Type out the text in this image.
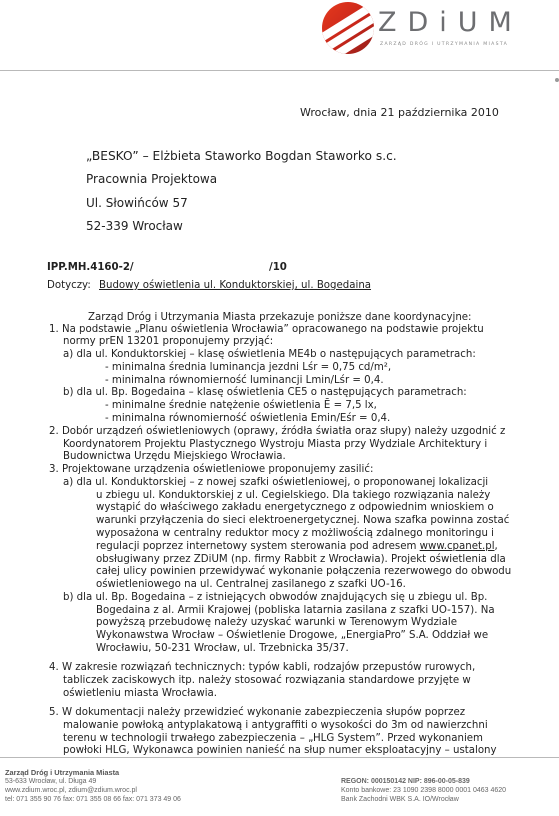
ZDiUM
ZARZĄD DRÓG I UTRZYMANIA MIASTA
Wrocław, dnia 21 października 2010
„BESKO” – Elżbieta Staworko Bogdan Staworko s.c.
Pracownia Projektowa
Ul. Słowińców 57
52-339 Wrocław
IPP.MH.4160-2/	/10
Dotyczy: Budowy oświetlenia ul. Konduktorskiej, ul. Bogedaina
Zarząd Dróg i Utrzymania Miasta przekazuje poniższe dane koordynacyjne:
1. Na podstawie „Planu oświetlenia Wrocławia” opracowanego na podstawie projektu
normy prEN 13201 proponujemy przyjąć:
a) dla ul. Konduktorskiej – klasę oświetlenia ME4b o następujących parametrach:
- minimalna średnia luminancja jezdni Lśr = 0,75 cd/m²,
- minimalna równomierność luminancji Lmin/Lśr = 0,4.
b) dla ul. Bp. Bogedaina – klasę oświetlenia CE5 o następujących parametrach:
- minimalne średnie natężenie oświetlenia Ē = 7,5 lx,
- minimalna równomierność oświetlenia Emin/Eśr = 0,4.
2. Dobór urządzeń oświetleniowych (oprawy, źródła światła oraz słupy) należy uzgodnić z
Koordynatorem Projektu Plastycznego Wystroju Miasta przy Wydziale Architektury i
Budownictwa Urzędu Miejskiego Wrocławia.
3. Projektowane urządzenia oświetleniowe proponujemy zasilić:
a) dla ul. Konduktorskiej – z nowej szafki oświetleniowej, o proponowanej lokalizacji
u zbiegu ul. Konduktorskiej z ul. Cegielskiego. Dla takiego rozwiązania należy
wystąpić do właściwego zakładu energetycznego z odpowiednim wnioskiem o
warunki przyłączenia do sieci elektroenergetycznej. Nowa szafka powinna zostać
wyposażona w centralny reduktor mocy z możliwością zdalnego monitoringu i
regulacji poprzez internetowy system sterowania pod adresem www.cpanet.pl,
obsługiwany przez ZDiUM (np. firmy Rabbit z Wrocławia). Projekt oświetlenia dla
całej ulicy powinien przewidywać wykonanie połączenia rezerwowego do obwodu
oświetleniowego na ul. Centralnej zasilanego z szafki UO-16.
b) dla ul. Bp. Bogedaina – z istniejących obwodów znajdujących się u zbiegu ul. Bp.
Bogedaina z al. Armii Krajowej (pobliska latarnia zasilana z szafki UO-157). Na
powyższą przebudowę należy uzyskać warunki w Terenowym Wydziale
Wykonawstwa Wrocław – Oświetlenie Drogowe, „EnergiaPro” S.A. Oddział we
Wrocławiu, 50-231 Wrocław, ul. Trzebnicka 35/37.
4. W zakresie rozwiązań technicznych: typów kabli, rodzajów przepustów rurowych,
tabliczek zaciskowych itp. należy stosować rozwiązania standardowe przyjęte w
oświetleniu miasta Wrocławia.
5. W dokumentacji należy przewidzieć wykonanie zabezpieczenia słupów poprzez
malowanie powłoką antyplakatową i antygraffiti o wysokości do 3m od nawierzchni
terenu w technologii trwałego zabezpieczenia – „HLG System”. Przed wykonaniem
powłoki HLG, Wykonawca powinien nanieść na słup numer eksploatacyjny – ustalony
Zarząd Dróg i Utrzymania Miasta
53-633 Wrocław, ul. Długa 49
www.zdium.wroc.pl, zdium@zdium.wroc.pl
tel: 071 355 90 76 fax: 071 355 08 66 fax: 071 373 49 06
REGON: 000150142 NIP: 896-00-05-839
Konto bankowe: 23 1090 2398 8000 0001 0463 4620
Bank Zachodni WBK S.A. IO/Wrocław
